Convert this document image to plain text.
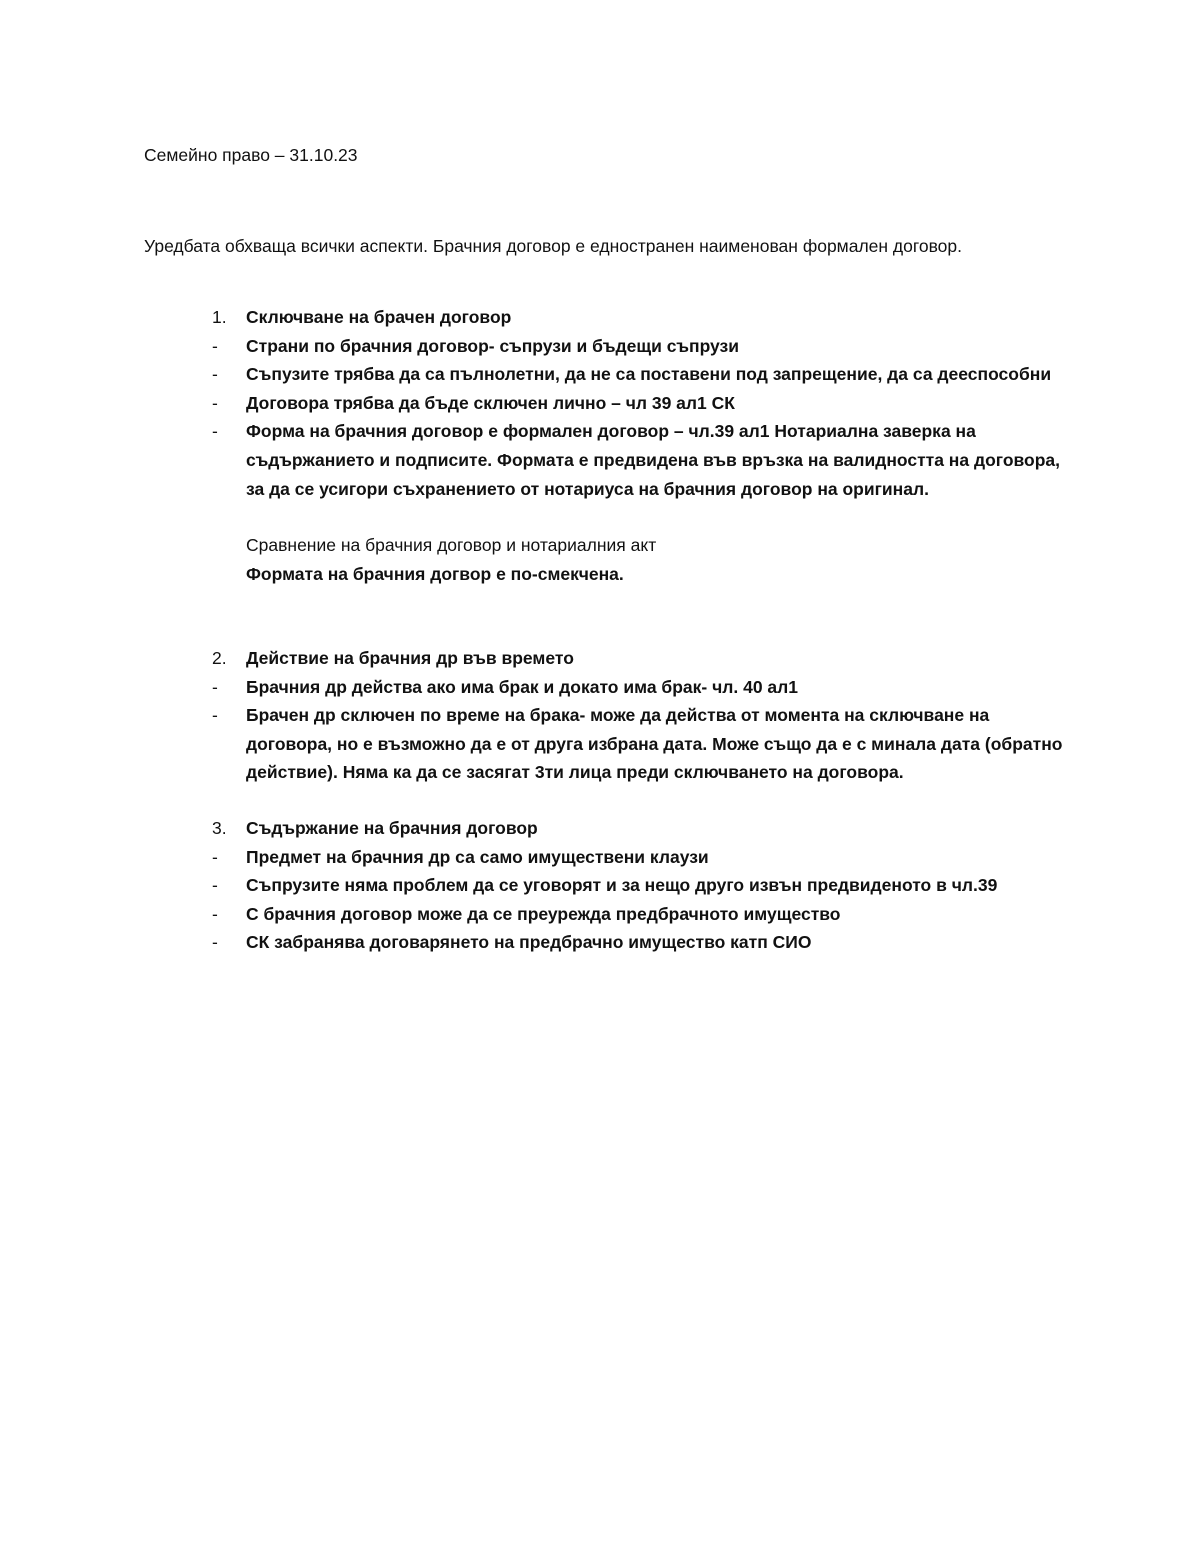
Семейно право – 31.10.23
Уредбата обхваща всички аспекти. Брачния договор е едностранен наименован формален договор.
1. Сключване на брачен договор
- Страни по брачния договор- съпрузи и бъдещи съпрузи
- Съпузите трябва да са пълнолетни, да не са поставени под запрещение, да са дееспособни
- Договора трябва да бъде сключен лично – чл 39 ал1 СК
- Форма на брачния договор е формален договор – чл.39 ал1 Нотариална заверка на съдържанието и подписите. Формата е предвидена във връзка на валидността на договора, за да се усигори съхранението от нотариуса на брачния договор на оригинал.
Сравнение на брачния договор и нотариалния акт
Формата на брачния догвор е по-смекчена.
2. Действие на брачния др във времето
- Брачния др действа ако има брак и докато има брак- чл. 40 ал1
- Брачен др сключен по време на брака- може да действа от момента на сключване на договора, но е възможно да е от друга избрана дата. Може също да е с минала дата (обратно действие). Няма ка да се засягат 3ти лица преди сключването на договора.
3. Съдържание на брачния договор
- Предмет на брачния др са само имуществени клаузи
- Съпрузите няма проблем да се уговорят и за нещо друго извън предвиденото в чл.39
- С брачния договор може да се преурежда предбрачното имущество
- СК забранява договарянето на предбрачно имущество катп СИО
